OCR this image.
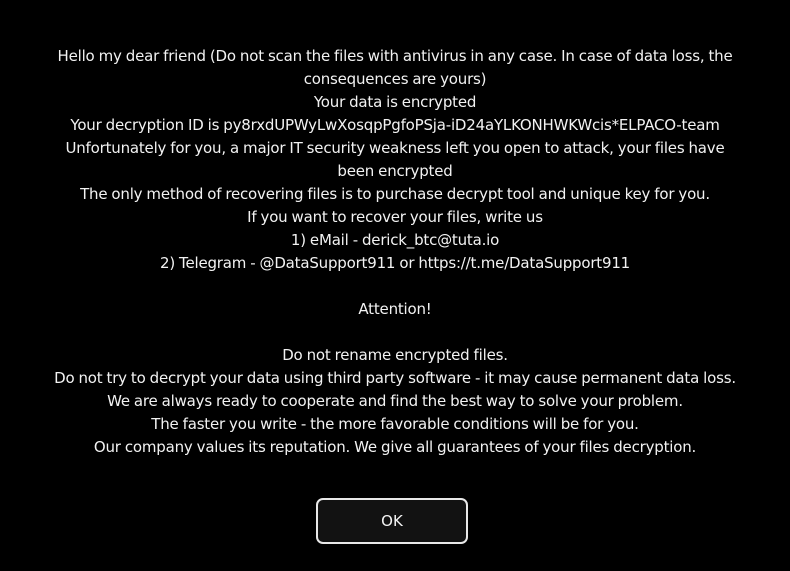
Hello my dear friend (Do not scan the files with antivirus in any case. In case of data loss, the
consequences are yours)
Your data is encrypted
Your decryption ID is py8rxdUPWyLwXosqpPgfoPSja-iD24aYLKONHWKWcis*ELPACO-team
Unfortunately for you, a major IT security weakness left you open to attack, your files have
been encrypted
The only method of recovering files is to purchase decrypt tool and unique key for you.
If you want to recover your files, write us
1) eMail - derick_btc@tuta.io
2) Telegram - @DataSupport911 or https://t.me/DataSupport911
Attention!
Do not rename encrypted files.
Do not try to decrypt your data using third party software - it may cause permanent data loss.
We are always ready to cooperate and find the best way to solve your problem.
The faster you write - the more favorable conditions will be for you.
Our company values its reputation. We give all guarantees of your files decryption.
OK
